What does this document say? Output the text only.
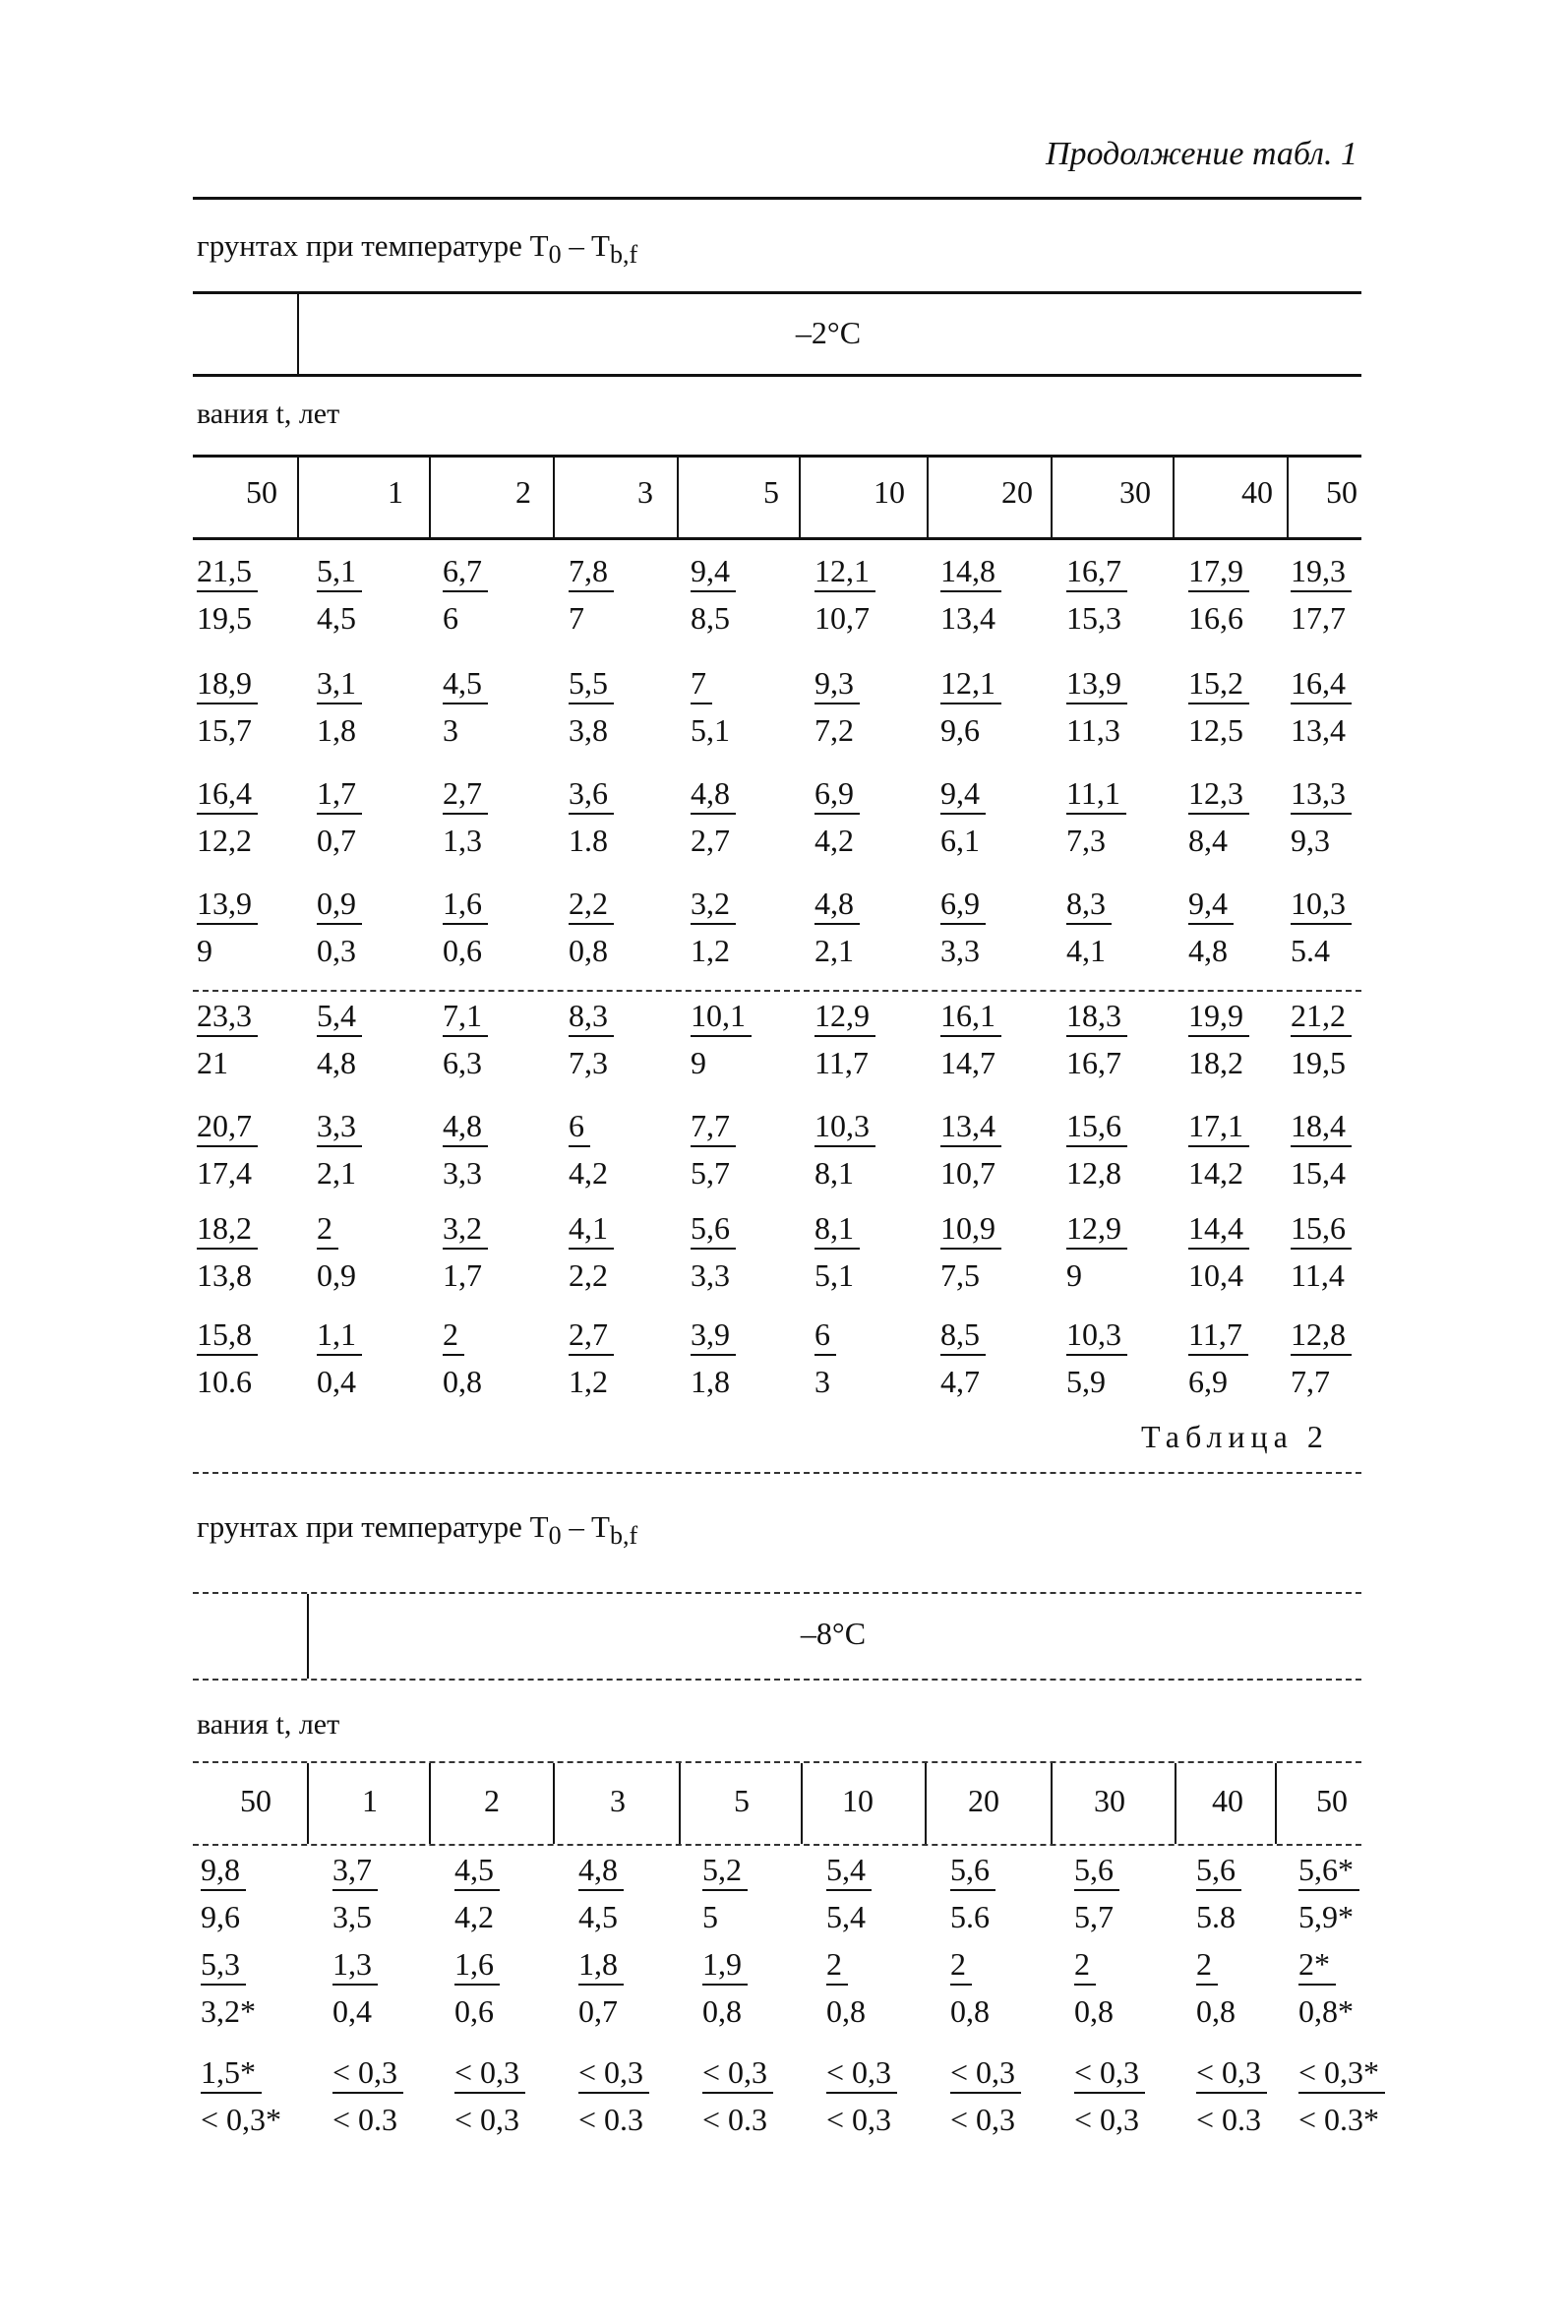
Продолжение табл. 1
грунтах при температуре $T_0 - T_{b,f}$
–2°C
вания t, лет
50	1	2	3	5	10	20	30	40	50
$\frac{21,5}{19,5} \frac{5,1}{4,5}$	$\frac{6,7}{6}$	$\frac{7,8}{7} \frac{9,4}{8,5}$	$\frac{12,1}{10,7} \frac{14,8}{13,4} \frac{16,7}{15,3} \frac{17,9}{16,6} \frac{19,3}{17,7}$
$\frac{18,9}{15,7} \frac{3,1}{1,8}$	$\frac{4,5}{3}$	$\frac{5,5}{3,8} \frac{7}{5,1}$	$\frac{9,3}{7,2}$	$\frac{12,1}{9,6} \frac{13,9}{11,3} \frac{15,2}{12,5} \frac{16,4}{13,4}$
$\frac{16,4}{12,2} \frac{1,7}{0,7}$	$\frac{2,7}{1,3}$	$\frac{3,6}{1.8} \frac{4,8}{2,7}$	$\frac{6,9}{4,2}$	$\frac{9,4}{6,1}$	$\frac{11,1}{7,3} \frac{12,3}{8,4} \frac{13,3}{9,3}$
$\frac{13,9}{9} \frac{0,9}{0,3}$	$\frac{1,6}{0,6}$	$\frac{2,2}{0,8} \frac{3,2}{1,2}$	$\frac{4,8}{2,1}$	$\frac{6,9}{3,3}$	$\frac{8,3}{4,1} \frac{9,4}{4,8} \frac{10,3}{5.4}$
$\frac{23,3}{21} \frac{5,4}{4,8}$	$\frac{7,1}{6,3}$	$\frac{8,3}{7,3} \frac{10,1}{9} \frac{12,9}{11,7} \frac{16,1}{14,7} \frac{18,3}{16,7} \frac{19,9}{18,2} \frac{21,2}{19,5}$
$\frac{20,7}{17,4} \frac{3,3}{2,1}$	$\frac{4,8}{3,3}$	$\frac{6}{4,2}$	$\frac{7,7}{5,7}$	$\frac{10,3}{8,1} \frac{13,4}{10,7} \frac{15,6}{12,8} \frac{17,1}{14,2} \frac{18,4}{15,4}$
$\frac{18,2}{13,8} \frac{2}{0,9}$	$\frac{3,2}{1,7}$	$\frac{4,1}{2,2} \frac{5,6}{3,3}$	$\frac{8,1}{5,1}$	$\frac{10,9}{7,5} \frac{12,9}{9} \frac{14,4}{10,4} \frac{15,6}{11,4}$
$\frac{15,8}{10.6} \frac{1,1}{0,4}$	$\frac{2}{0,8}$	$\frac{2,7}{1,2} \frac{3,9}{1,8}$	$\frac{6}{3}$	$\frac{8,5}{4,7}$	$\frac{10,3}{5,9} \frac{11,7}{6,9} \frac{12,8}{7,7}$
Таблица 2
грунтах при температуре $T_0 - T_{b,f}$
–8°C
вания t, лет
50	1	2	3	5	10	20	30	40	50
$\frac{9,8}{9,6}$	$\frac{3,7}{3,5} \frac{4,5}{4,2}$	$\frac{4,8}{4,5}$	$\frac{5,2}{5}$	$\frac{5,4}{5,4}$	$\frac{5,6}{5.6}$	$\frac{5,6}{5,7} \frac{5,6}{5.8} \frac{5,6*}{5,9*}$
$\frac{5,3}{3,2*} \frac{1,3}{0,4} \frac{1,6}{0,6}$	$\frac{1,8}{0,7}$	$\frac{1,9}{0,8}$	$\frac{2}{0,8}$	$\frac{2}{0,8}$	$\frac{2}{0,8}$	$\frac{2}{0,8} \frac{2*}{0,8*}$
$\frac{1,5*}{< 0,3*} \frac{< 0,3}{< 0.3} \frac{< 0,3}{< 0,3} \frac{< 0,3}{< 0.3} \frac{< 0,3}{< 0.3} \frac{< 0,3}{< 0,3} \frac{< 0,3}{< 0,3} \frac{< 0,3}{< 0,3} \frac{< 0,3}{< 0.3} \frac{< 0,3*}{< 0.3*}$
